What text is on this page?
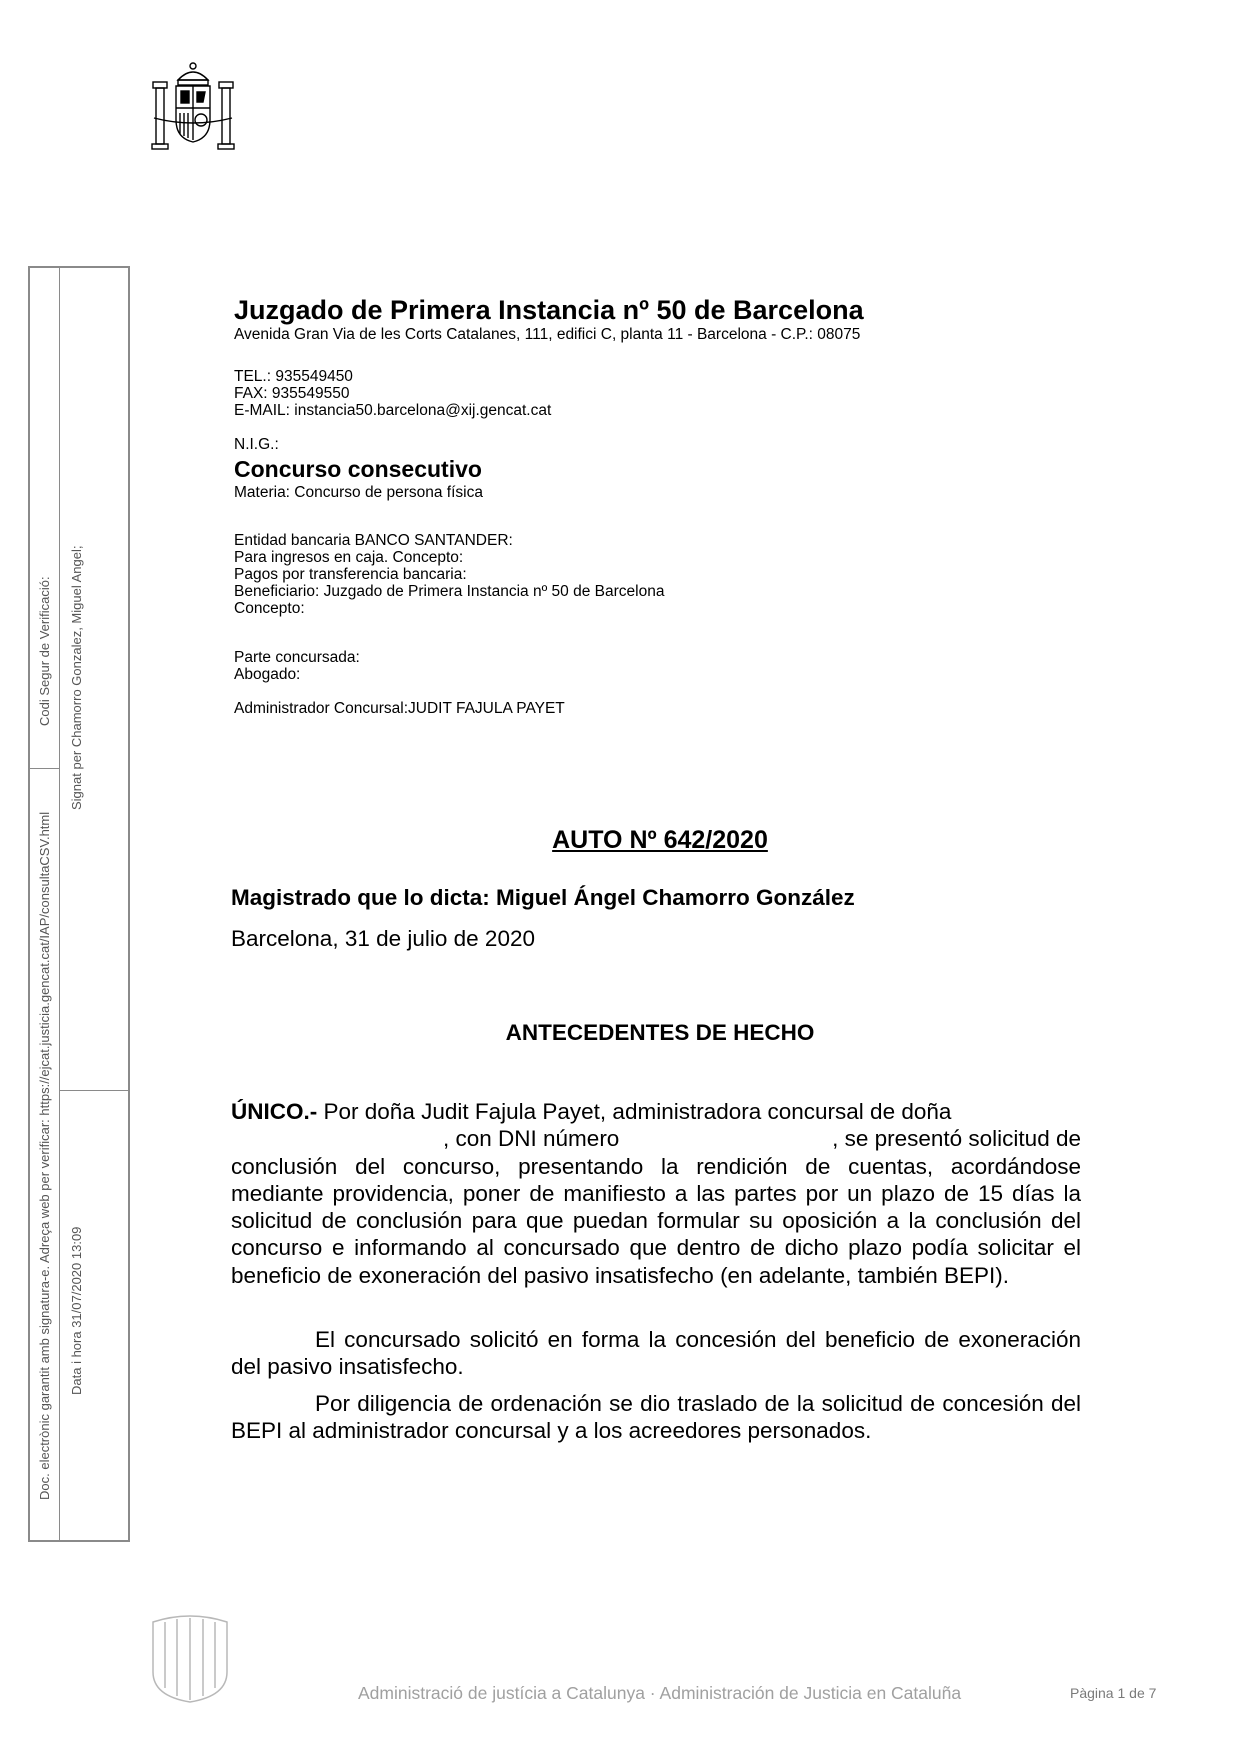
Doc. electrònic garantit amb signatura-e. Adreça web per verificar: https://ejcat.justicia.gencat.cat/IAP/consultaCSV.html
Codi Segur de Verificació: Signat per Chamorro Gonzalez, Miguel Angel;
Data i hora 31/07/2020 13:09
Juzgado de Primera Instancia nº 50 de Barcelona
Avenida Gran Via de les Corts Catalanes, 111, edifici C, planta 11 - Barcelona - C.P.: 08075
TEL.: 935549450
FAX: 935549550
E-MAIL: instancia50.barcelona@xij.gencat.cat
N.I.G.:
Concurso consecutivo
Materia: Concurso de persona física
Entidad bancaria BANCO SANTANDER:
Para ingresos en caja. Concepto:
Pagos por transferencia bancaria:
Beneficiario: Juzgado de Primera Instancia nº 50 de Barcelona
Concepto:
Parte concursada:
Abogado:
Administrador Concursal:JUDIT FAJULA PAYET
AUTO Nº 642/2020
Magistrado que lo dicta: Miguel Ángel Chamorro González
Barcelona, 31 de julio de 2020
ANTECEDENTES DE HECHO
ÚNICO.- Por doña Judit Fajula Payet, administradora concursal de doña
, con DNI número	, se presentó solicitud de
conclusión del concurso, presentando la rendición de cuentas, acordándose mediante providencia, poner de manifiesto a las partes por un plazo de 15 días la solicitud de conclusión para que puedan formular su oposición a la conclusión del concurso e informando al concursado que dentro de dicho plazo podía solicitar el beneficio de exoneración del pasivo insatisfecho (en adelante, también BEPI).
El concursado solicitó en forma la concesión del beneficio de exoneración del pasivo insatisfecho.
Por diligencia de ordenación se dio traslado de la solicitud de concesión del BEPI al administrador concursal y a los acreedores personados.
Administració de justícia a Catalunya · Administración de Justicia en Cataluña	Pàgina 1 de 7
